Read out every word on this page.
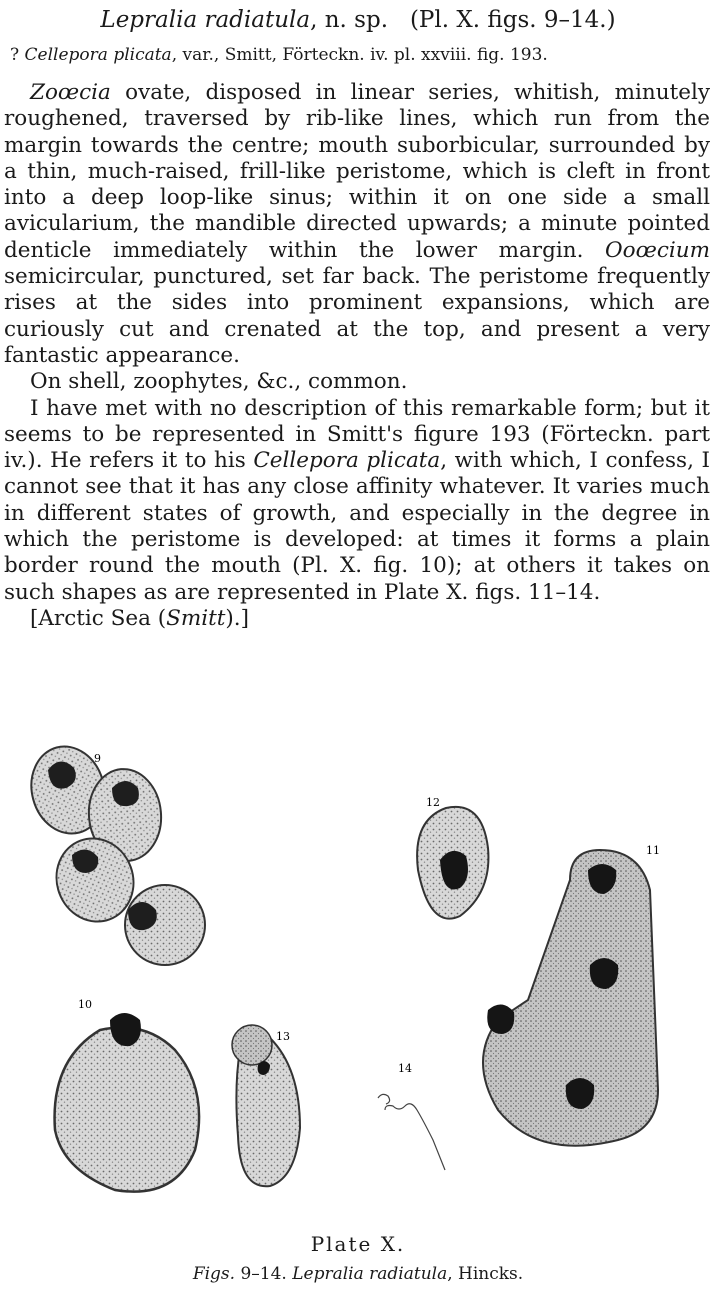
Lepralia radiatula, n. sp. (Pl. X. figs. 9–14.)
? Cellepora plicata, var., Smitt, Förteckn. iv. pl. xxviii. fig. 193.

Zoœcia ovate, disposed in linear series, whitish, minutely roughened, traversed by rib-like lines, which run from the margin towards the centre; mouth suborbicular, surrounded by a thin, much-raised, frill-like peristome, which is cleft in front into a deep loop-like sinus; within it on one side a small avicularium, the mandible directed upwards; a minute pointed denticle immediately within the lower margin. Ooœcium semicircular, punctured, set far back. The peristome frequently rises at the sides into prominent expansions, which are curiously cut and crenated at the top, and present a very fantastic appearance.

On shell, zoophytes, &c., common.

I have met with no description of this remarkable form; but it seems to be represented in Smitt's figure 193 (Förteckn. part iv.). He refers it to his Cellepora plicata, with which, I confess, I cannot see that it has any close affinity whatever. It varies much in different states of growth, and especially in the degree in which the peristome is developed: at times it forms a plain border round the mouth (Pl. X. fig. 10); at others it takes on such shapes as are represented in Plate X. figs. 11–14.

[Arctic Sea (Smitt).]

9
12
11
10
13
14
Plate X.
Figs. 9–14. Lepralia radiatula, Hincks.
